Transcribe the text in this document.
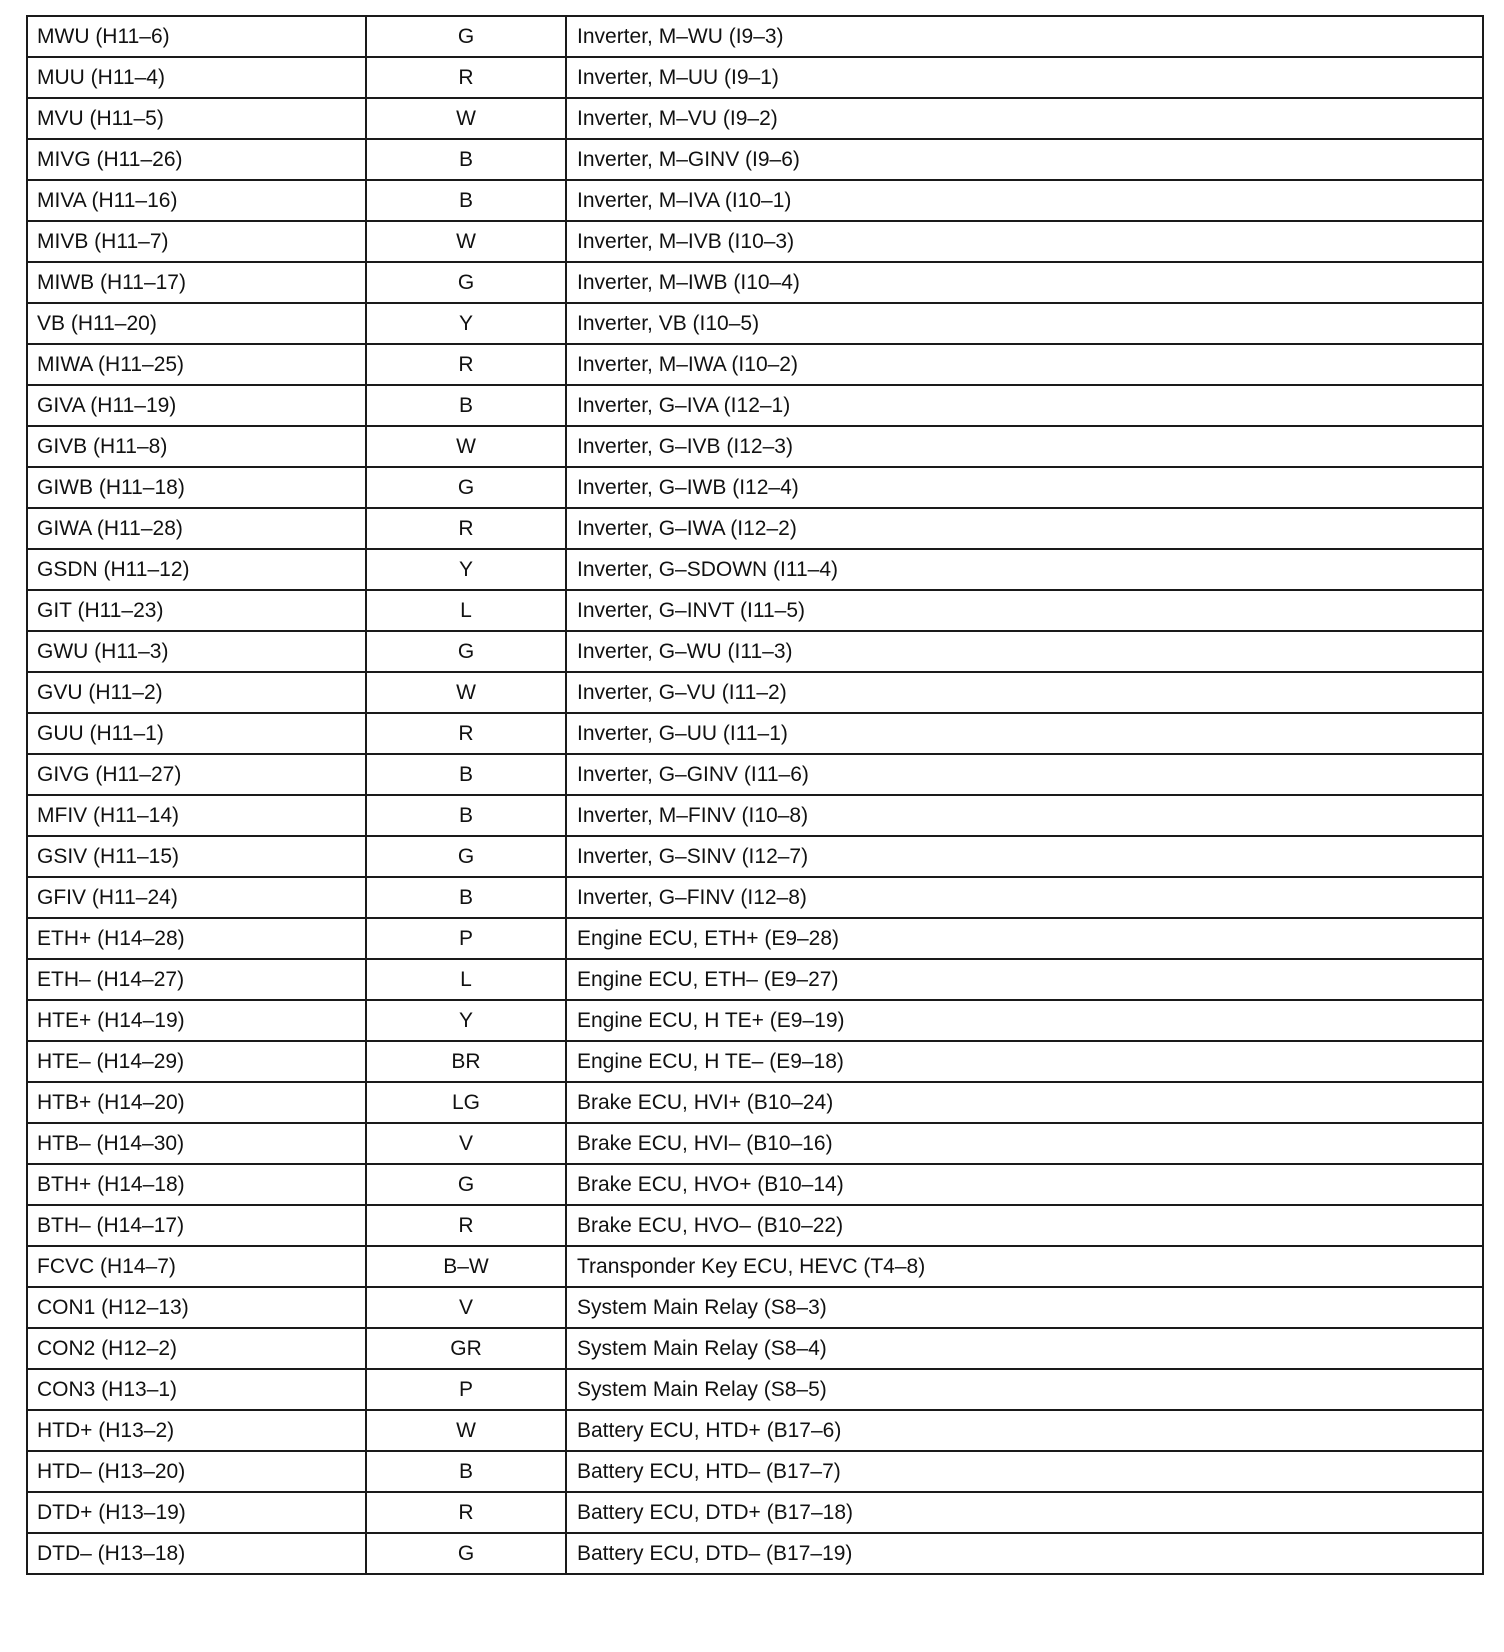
MWU (H11–6)	G	Inverter, M–WU (I9–3)
MUU (H11–4)	R	Inverter, M–UU (I9–1)
MVU (H11–5)	W	Inverter, M–VU (I9–2)
MIVG (H11–26)	B	Inverter, M–GINV (I9–6)
MIVA (H11–16)	B	Inverter, M–IVA (I10–1)
MIVB (H11–7)	W	Inverter, M–IVB (I10–3)
MIWB (H11–17)	G	Inverter, M–IWB (I10–4)
VB (H11–20)	Y	Inverter, VB (I10–5)
MIWA (H11–25)	R	Inverter, M–IWA (I10–2)
GIVA (H11–19)	B	Inverter, G–IVA (I12–1)
GIVB (H11–8)	W	Inverter, G–IVB (I12–3)
GIWB (H11–18)	G	Inverter, G–IWB (I12–4)
GIWA (H11–28)	R	Inverter, G–IWA (I12–2)
GSDN (H11–12)	Y	Inverter, G–SDOWN (I11–4)
GIT (H11–23)	L	Inverter, G–INVT (I11–5)
GWU (H11–3)	G	Inverter, G–WU (I11–3)
GVU (H11–2)	W	Inverter, G–VU (I11–2)
GUU (H11–1)	R	Inverter, G–UU (I11–1)
GIVG (H11–27)	B	Inverter, G–GINV (I11–6)
MFIV (H11–14)	B	Inverter, M–FINV (I10–8)
GSIV (H11–15)	G	Inverter, G–SINV (I12–7)
GFIV (H11–24)	B	Inverter, G–FINV (I12–8)
ETH+ (H14–28)	P	Engine ECU, ETH+ (E9–28)
ETH– (H14–27)	L	Engine ECU, ETH– (E9–27)
HTE+ (H14–19)	Y	Engine ECU, H TE+ (E9–19)
HTE– (H14–29)	BR	Engine ECU, H TE– (E9–18)
HTB+ (H14–20)	LG	Brake ECU, HVI+ (B10–24)
HTB– (H14–30)	V	Brake ECU, HVI– (B10–16)
BTH+ (H14–18)	G	Brake ECU, HVO+ (B10–14)
BTH– (H14–17)	R	Brake ECU, HVO– (B10–22)
FCVC (H14–7)	B–W	Transponder Key ECU, HEVC (T4–8)
CON1 (H12–13)	V	System Main Relay (S8–3)
CON2 (H12–2)	GR	System Main Relay (S8–4)
CON3 (H13–1)	P	System Main Relay (S8–5)
HTD+ (H13–2)	W	Battery ECU, HTD+ (B17–6)
HTD– (H13–20)	B	Battery ECU, HTD– (B17–7)
DTD+ (H13–19)	R	Battery ECU, DTD+ (B17–18)
DTD– (H13–18)	G	Battery ECU, DTD– (B17–19)
